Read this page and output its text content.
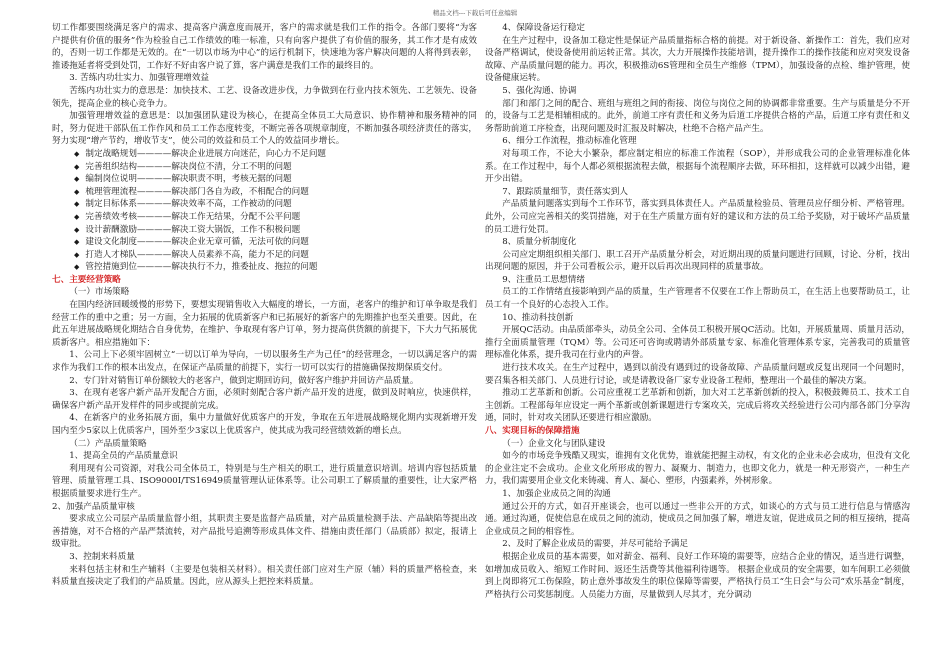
精品文档---下载后可任意编辑

切工作都要围绕满足客户的需求、提高客户满意度而展开，客户的需求就是我们工作的指令。各部门要将“为客户提供有价值的服务”作为检验自己工作绩效的唯一标准，只有向客户提供了有价值的服务，其工作才是有成效的，否则一切工作都是无效的。在“一切以市场为中心”的运行机制下，快速地为客户解决问题的人将得到表彰，推诿拖延者将受到处罚，工作好不好由客户说了算，客户满意是我们工作的最终目的。

3. 苦练内功壮实力、加强管理增效益

苦练内功壮实力的意思是：加快技术、工艺、设备改进步伐，力争做到在行业内技术领先、工艺领先、设备领先，提高企业的核心竞争力。

加强管理增效益的意思是：以加强团队建设为核心，在提高全体员工大局意识、协作精神和服务精神的同时，努力促进干部队伍工作作风和员工工作态度转变，不断完善各项规章制度，不断加强各项经济责任的落实，努力实现“增产节约，增收节支”，使公司的效益和员工个人的效益同步增长。

◆ 制定战略规划————解决企业进展方向迷茫，向心力不足问题

◆ 完善组织结构————解决岗位不清，分工不明的问题

◆ 编制岗位说明————解决职责不明，考核无据的问题

◆ 梳理管理流程————解决部门各自为政，不相配合的问题

◆ 制定目标体系————解决效率不高，工作被动的问题

◆ 完善绩效考核————解决工作无结果，分配不公平问题

◆ 设计薪酬激励————解决工资大锅饭，工作不积极问题

◆ 建设文化制度————解决企业无章可循，无法可依的问题

◆ 打造人才梯队————解决人员素养不高，能力不足的问题

◆ 管控措施到位————解决执行不力，推委扯皮、拖拉的问题

七、主要经营策略

（一）市场策略

在国内经济回暖缓慢的形势下，要想实现销售收入大幅度的增长，一方面，老客户的维护和订单争取是我们经营工作的重中之重；另一方面，全力拓展的优质新客户和已拓展好的新客户的先期推护也至关重要。因此，在此五年进展战略规化期结合自身优势，在维护、争取现有客户订单，努力提高供货额的前提下，下大力气拓展优质新客户。相应措施如下：

1、公司上下必须牢固树立“一切以订单为导向，一切以服务生产为己任”的经营理念，一切以满足客户的需求作为我们工作的根本出发点，在保证产品质量的前提下，实行一切可以实行的措施确保按期保质交付。

2、专门针对销售订单份额较大的老客户，做到定期回访问，做好客户维护并回访产品质量。

3、在现有老客户新产品开发配合方面，必须时刻配合客户新产品开发的进度，做到及时响应，快速供样，确保客户新产品开发样件的同步或提前完成。

4、在新客户的业务拓展方面，集中力量做好优质客户的开发，争取在五年进展战略规化期内实现新增开发国内至少5家以上优质客户，国外至少3家以上优质客户，使其成为我司经营绩效新的增长点。

（二）产品质量策略

1、提高全员的产品质量意识

利用现有公司资源，对我公司全体员工，特别是与生产相关的职工，进行质量意识培训。培训内容包括质量管理、质量管理工具、ISO9000I/TS16949质量管理认证体系等。让公司职工了解质量的重要性，让大家严格根据质量要求进行生产。

2、加强产品质量审核

要求成立公司层产品质量监督小组，其职责主要是监督产品质量，对产品质量检测手法、产品缺陷等提出改善措施，对不合格的产品严禁流转，对产品批号追溯等形成具体文件、措施由责任部门（品质部）拟定，报请上级审批。

3、控制来料质量

来料包括主材和生产辅料（主要是包装相关材料）。相关责任部门应对生产原（辅）料的质量严格检查，来料质量直接决定了我们的产品质量。因此，应从源头上把控来料质量。

4、保障设备运行稳定

在生产过程中，设备加工稳定性是保证产品质量指标合格的前提。对于新设备、新操作工：首先，我们应对设备严格调试，使设备使用前运转正常。其次，大力开展操作技能培训，提升操作工的操作技能和应对突发设备故障、产品质量问题的能力。再次，积极推动6S管理和全员生产维修（TPM），加强设备的点检、维护管理，使设备健康运转。

5、强化沟通、协调

部门和部门之间的配合、班组与班组之间的衔接、岗位与岗位之间的协调都非常重要。生产与质量是分不开的，设备与工艺是相辅相成的。此外，前道工序有责任和义务为后道工序提供合格的产品，后道工序有责任和义务帮助前道工序检查，出现问题及时汇报及时解决，杜绝不合格产品产生。

6、细分工作流程，推动标准化管理

对每项工作，不论大小繁杂，都应制定相应的标准工作流程（SOP），并形成我公司的企业管理标准化体系。在工作过程中，每个人都必须根据流程去做，根据每个流程顺序去做，环环相扣，这样就可以减少出错，避开少出错。

7、跟踪质量细节，责任落实到人

产品质量问题落实到每个工作环节，落实到具体责任人。产品质量检验员、管理员应仔细分析、严格管理。此外，公司应完善相关的奖罚措施，对于在生产质量方面有好的建议和方法的员工给予奖励，对于破坏产品质量的员工进行处罚。

8、质量分析制度化

公司应定期组织相关部门、职工召开产品质量分析会，对近期出现的质量问题进行回顾，讨论、分析，找出出现问题的原因，并于公司看板公示，避开以后再次出现同样的质量事故。

9、注重员工思想情绪

员工的工作情绪直接影响到产品的质量，生产管理者不仅要在工作上帮助员工，在生活上也要帮助员工，让员工有一个良好的心态投入工作。

10、推动科技创新

开展QC活动。由品质部牵头，动员全公司、全体员工积极开展QC活动。比如，开展质量周、质量月活动，推行全面质量管理（TQM）等。公司还可咨询或聘请外部质量专家、标准化管理体系专家，完善我司的质量管理标准化体系，提升我司在行业内的声誉。

进行技术攻关。在生产过程中，遇到以前没有遇到过的设备故障、产品质量问题或反复出现同一个问题时，要召集各相关部门、人员进行讨论，或是请教设备厂家专业设备工程师，整理出一个最佳的解决方案。

推动工艺革新和创新。公司应重视工艺革新和创新，加大对工艺革新创新的投入，积极鼓舞员工、技术工自主创新。工程部每年应设定一两个革新或创新课题进行专案攻关，完成后将攻关经验进行公司内部各部门分享沟通，同时，针对攻关团队还要进行相应激励。

八、实现目标的保障措施

（一）企业文化与团队建设

如今的市场竞争残酷又现实，谁拥有文化优势，谁就能把握主动权，有文化的企业未必会成功，但没有文化的企业注定不会成功。企业文化所形成的智力、凝聚力、制造力，也即文化力，就是一种无形资产，一种生产力，我们需要用企业文化来铸魂、育人、凝心、塑形，内强素养，外树形象。

1、加强企业成员之间的沟通

通过公开的方式，如召开座谈会，也可以通过一些非公开的方式，如谈心的方式与员工进行信息与情感沟通。通过沟通，促使信息在成员之间的流动，使成员之间加强了解，增进友谊，促进成员之间的相互接纳，提高企业成员之间的相容性。

2、及时了解企业成员的需要，并尽可能给予满足

根据企业成员的基本需要，如对薪金、福利、良好工作环境的需要等，应结合企业的情况，适当进行调整，如增加成员收入、缩短工作时间、返还生活费等其他福利待遇等。 根据企业成员的安全需要，如车间职工必须做到上岗即将冗工伤保险，防止意外事故发生的职位保障等需要，严格执行员工“生日会”与公司“欢乐基金”制度，严格执行公司奖惩制度。人员能力方面，尽量做到人尽其才，充分调动
